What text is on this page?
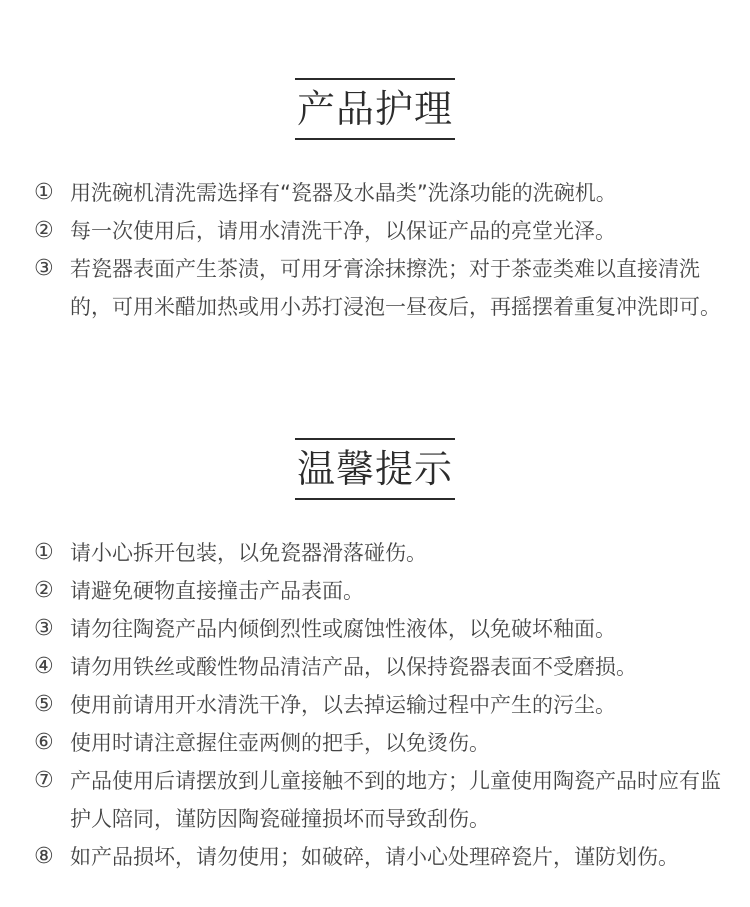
产品护理
① 用洗碗机清洗需选择有“瓷器及水晶类”洗涤功能的洗碗机。
② 每一次使用后，请用水清洗干净，以保证产品的亮堂光泽。
③ 若瓷器表面产生茶渍，可用牙膏涂抹擦洗；对于茶壶类难以直接清洗的，可用米醋加热或用小苏打浸泡一昼夜后，再摇摆着重复冲洗即可。
温馨提示
① 请小心拆开包装，以免瓷器滑落碰伤。
② 请避免硬物直接撞击产品表面。
③ 请勿往陶瓷产品内倾倒烈性或腐蚀性液体，以免破坏釉面。
④ 请勿用铁丝或酸性物品清洁产品，以保持瓷器表面不受磨损。
⑤ 使用前请用开水清洗干净，以去掉运输过程中产生的污尘。
⑥ 使用时请注意握住壶两侧的把手，以免烫伤。
⑦ 产品使用后请摆放到儿童接触不到的地方；儿童使用陶瓷产品时应有监护人陪同，谨防因陶瓷碰撞损坏而导致刮伤。
⑧ 如产品损坏，请勿使用；如破碎，请小心处理碎瓷片，谨防划伤。
